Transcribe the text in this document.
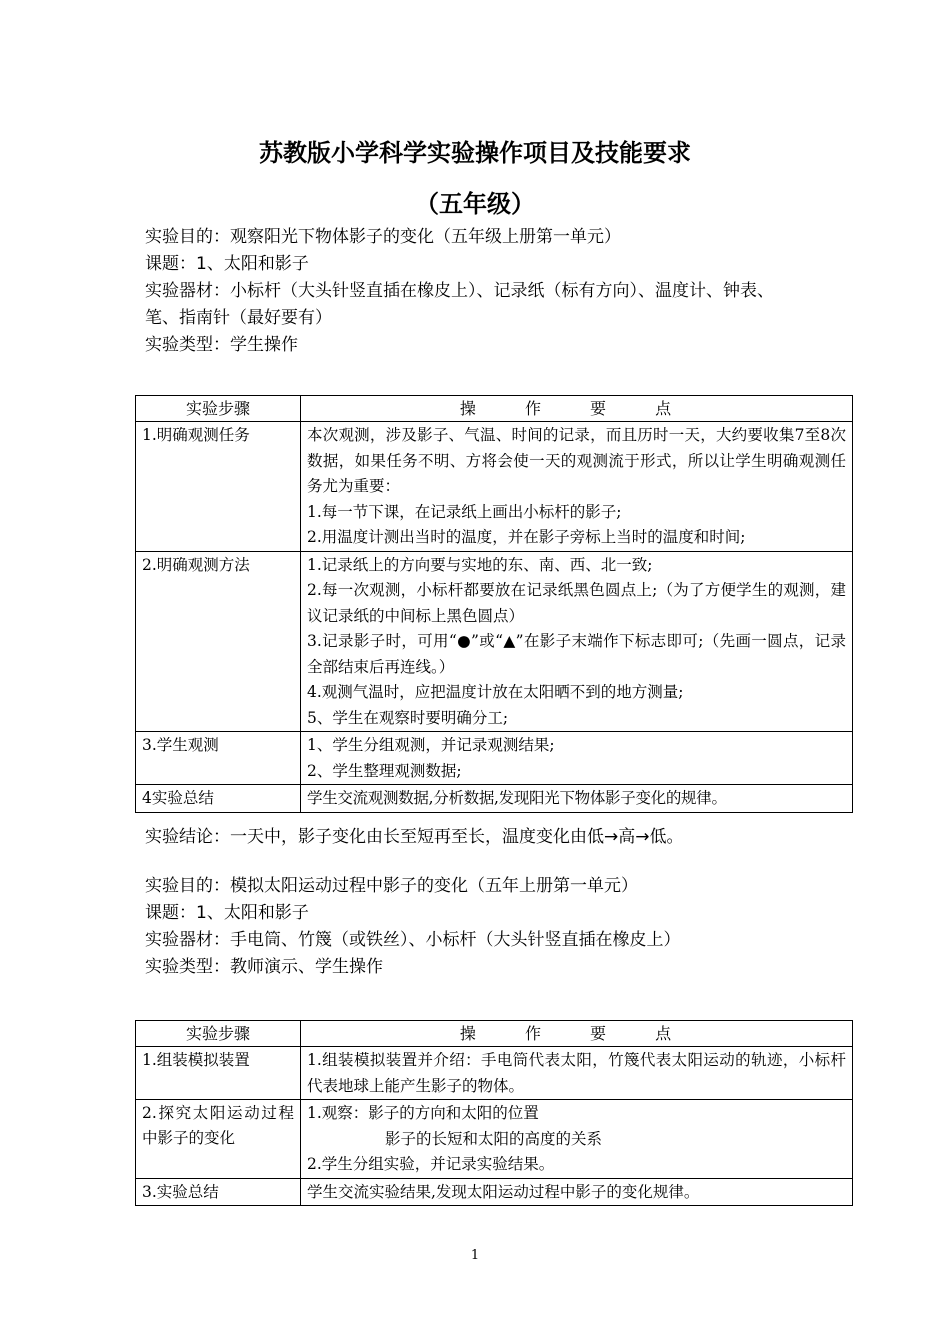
苏教版小学科学实验操作项目及技能要求
（五年级）
实验目的：观察阳光下物体影子的变化（五年级上册第一单元）
课题：1、太阳和影子
实验器材：小标杆（大头针竖直插在橡皮上）、记录纸（标有方向）、温度计、钟表、
笔、指南针（最好要有）
实验类型：学生操作
实验步骤	操 作 要 点
1.明确观测任务	本次观测，涉及影子、气温、时间的记录，而且历时一天，大约要收集7至8次数据，如果任务不明、方将会使一天的观测流于形式，所以让学生明确观测任务尤为重要：
1.每一节下课，在记录纸上画出小标杆的影子;
2.用温度计测出当时的温度，并在影子旁标上当时的温度和时间;

2.明确观测方法	1.记录纸上的方向要与实地的东、南、西、北一致;
2.每一次观测，小标杆都要放在记录纸黑色圆点上;（为了方便学生的观测，建议记录纸的中间标上黑色圆点）
3.记录影子时，可用“●”或“▲”在影子末端作下标志即可;（先画一圆点，记录全部结束后再连线。）
4.观测气温时，应把温度计放在太阳晒不到的地方测量;
5、学生在观察时要明确分工;

3.学生观测	1、学生分组观测，并记录观测结果;
2、学生整理观测数据;

4实验总结	学生交流观测数据,分析数据,发现阳光下物体影子变化的规律。
实验结论：一天中，影子变化由长至短再至长，温度变化由低→高→低。
实验目的：模拟太阳运动过程中影子的变化（五年上册第一单元）
课题：1、太阳和影子
实验器材：手电筒、竹篾（或铁丝）、小标杆（大头针竖直插在橡皮上）
实验类型：教师演示、学生操作
实验步骤	操 作 要 点
1.组装模拟装置	1.组装模拟装置并介绍：手电筒代表太阳，竹篾代表太阳运动的轨迹，小标杆代表地球上能产生影子的物体。

2.探究太阳运动过程中影子的变化	1.观察：影子的方向和太阳的位置
影子的长短和太阳的高度的关系
2.学生分组实验，并记录实验结果。

3.实验总结	学生交流实验结果,发现太阳运动过程中影子的变化规律。
1
